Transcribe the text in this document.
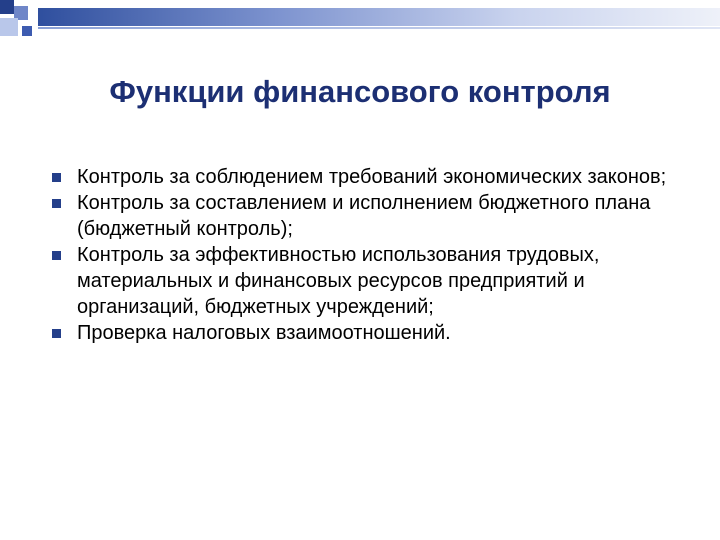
Функции финансового контроля
Контроль за соблюдением требований экономических законов;
Контроль за составлением и исполнением бюджетного плана (бюджетный контроль);
Контроль за эффективностью использования трудовых, материальных и финансовых ресурсов предприятий и организаций, бюджетных учреждений;
Проверка налоговых взаимоотношений.
